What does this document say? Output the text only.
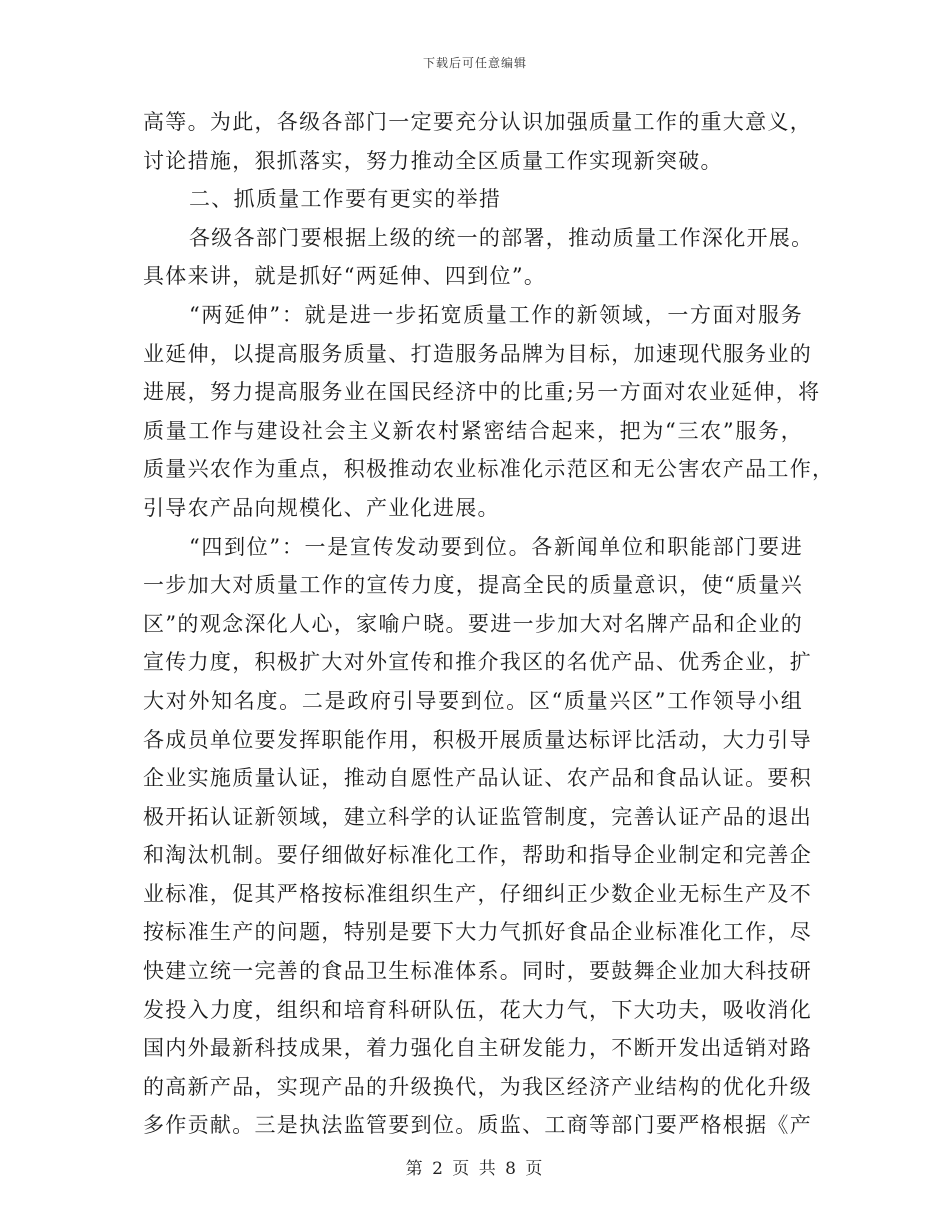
下载后可任意编辑
高等。为此，各级各部门一定要充分认识加强质量工作的重大意义，
讨论措施，狠抓落实，努力推动全区质量工作实现新突破。
二、抓质量工作要有更实的举措
各级各部门要根据上级的统一的部署，推动质量工作深化开展。
具体来讲，就是抓好“两延伸、四到位”。
“两延伸”：就是进一步拓宽质量工作的新领域，一方面对服务
业延伸，以提高服务质量、打造服务品牌为目标，加速现代服务业的
进展，努力提高服务业在国民经济中的比重;另一方面对农业延伸，将
质量工作与建设社会主义新农村紧密结合起来，把为“三农”服务，
质量兴农作为重点，积极推动农业标准化示范区和无公害农产品工作，
引导农产品向规模化、产业化进展。
“四到位”：一是宣传发动要到位。各新闻单位和职能部门要进
一步加大对质量工作的宣传力度，提高全民的质量意识，使“质量兴
区”的观念深化人心，家喻户晓。要进一步加大对名牌产品和企业的
宣传力度，积极扩大对外宣传和推介我区的名优产品、优秀企业，扩
大对外知名度。二是政府引导要到位。区“质量兴区”工作领导小组
各成员单位要发挥职能作用，积极开展质量达标评比活动，大力引导
企业实施质量认证，推动自愿性产品认证、农产品和食品认证。要积
极开拓认证新领域，建立科学的认证监管制度，完善认证产品的退出
和淘汰机制。要仔细做好标准化工作，帮助和指导企业制定和完善企
业标准，促其严格按标准组织生产，仔细纠正少数企业无标生产及不
按标准生产的问题，特别是要下大力气抓好食品企业标准化工作，尽
快建立统一完善的食品卫生标准体系。同时，要鼓舞企业加大科技研
发投入力度，组织和培育科研队伍，花大力气，下大功夫，吸收消化
国内外最新科技成果，着力强化自主研发能力，不断开发出适销对路
的高新产品，实现产品的升级换代，为我区经济产业结构的优化升级
多作贡献。三是执法监管要到位。质监、工商等部门要严格根据《产
第 2 页 共 8 页
